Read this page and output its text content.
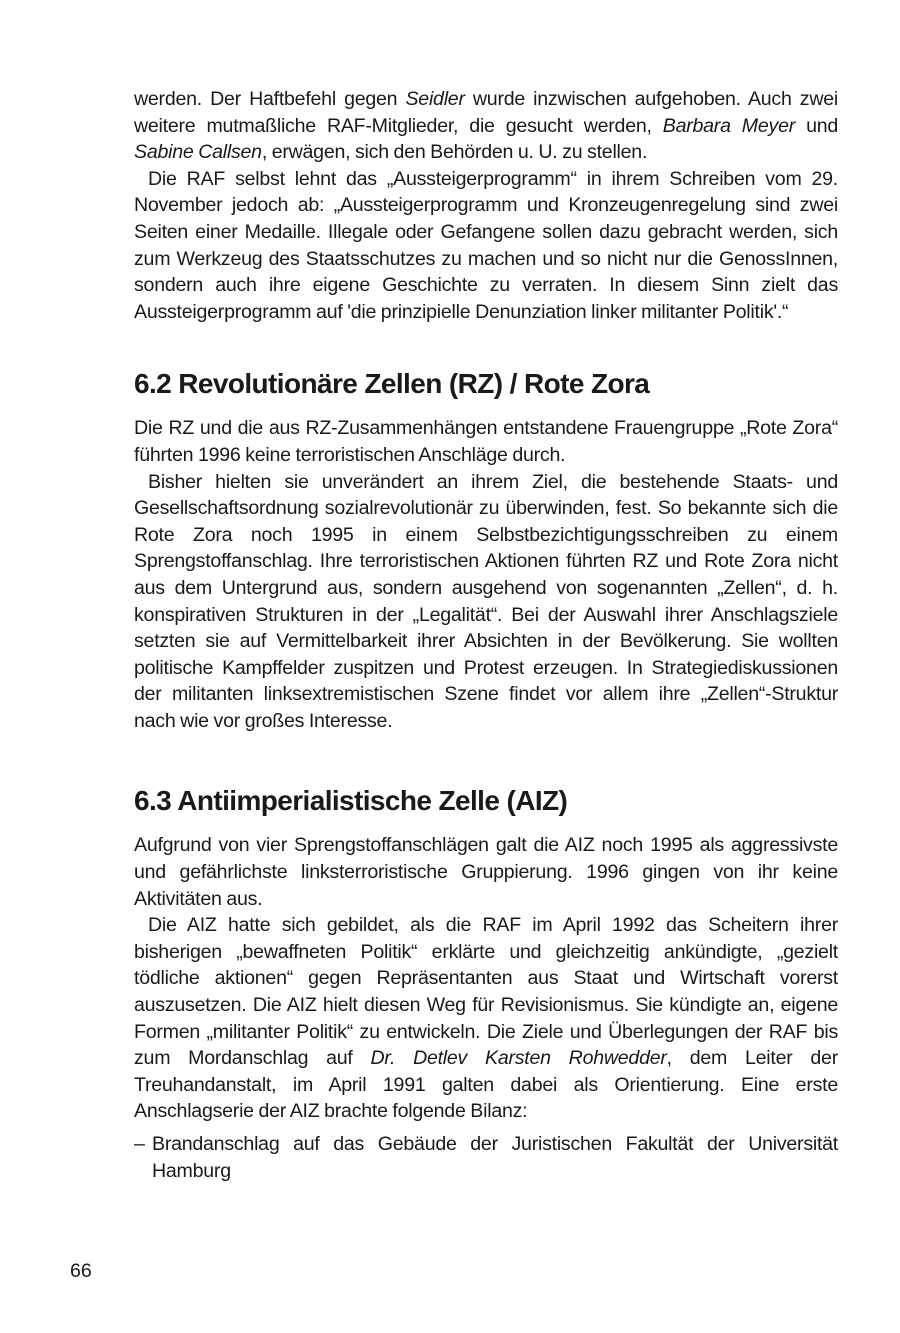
werden. Der Haftbefehl gegen Seidler wurde inzwischen aufgehoben. Auch zwei weitere mutmaßliche RAF-Mitglieder, die gesucht werden, Barbara Meyer und Sabine Callsen, erwägen, sich den Behörden u. U. zu stellen.

Die RAF selbst lehnt das „Aussteigerprogramm“ in ihrem Schreiben vom 29. November jedoch ab: „Aussteigerprogramm und Kronzeugenregelung sind zwei Seiten einer Medaille. Illegale oder Gefangene sollen dazu gebracht werden, sich zum Werkzeug des Staatsschutzes zu machen und so nicht nur die GenossInnen, sondern auch ihre eigene Geschichte zu verraten. In diesem Sinn zielt das Aussteigerprogramm auf 'die prinzipielle Denunziation linker militanter Politik'.“

6.2 Revolutionäre Zellen (RZ) / Rote Zora

Die RZ und die aus RZ-Zusammenhängen entstandene Frauengruppe „Rote Zora“ führten 1996 keine terroristischen Anschläge durch.

Bisher hielten sie unverändert an ihrem Ziel, die bestehende Staats- und Gesellschaftsordnung sozialrevolutionär zu überwinden, fest. So bekannte sich die Rote Zora noch 1995 in einem Selbstbezichtigungsschreiben zu einem Sprengstoffanschlag. Ihre terroristischen Aktionen führten RZ und Rote Zora nicht aus dem Untergrund aus, sondern ausgehend von sogenannten „Zellen“, d. h. konspirativen Strukturen in der „Legalität“. Bei der Auswahl ihrer Anschlagsziele setzten sie auf Vermittelbarkeit ihrer Absichten in der Bevölkerung. Sie wollten politische Kampffelder zuspitzen und Protest erzeugen. In Strategiediskussionen der militanten linksextremistischen Szene findet vor allem ihre „Zellen“-Struktur nach wie vor großes Interesse.

6.3 Antiimperialistische Zelle (AIZ)

Aufgrund von vier Sprengstoffanschlägen galt die AIZ noch 1995 als aggressivste und gefährlichste linksterroristische Gruppierung. 1996 gingen von ihr keine Aktivitäten aus.

Die AIZ hatte sich gebildet, als die RAF im April 1992 das Scheitern ihrer bisherigen „bewaffneten Politik“ erklärte und gleichzeitig ankündigte, „gezielt tödliche aktionen“ gegen Repräsentanten aus Staat und Wirtschaft vorerst auszusetzen. Die AIZ hielt diesen Weg für Revisionismus. Sie kündigte an, eigene Formen „militanter Politik“ zu entwickeln. Die Ziele und Überlegungen der RAF bis zum Mordanschlag auf Dr. Detlev Karsten Rohwedder, dem Leiter der Treuhandanstalt, im April 1991 galten dabei als Orientierung. Eine erste Anschlagserie der AIZ brachte folgende Bilanz:

– Brandanschlag auf das Gebäude der Juristischen Fakultät der Universität Hamburg
66
